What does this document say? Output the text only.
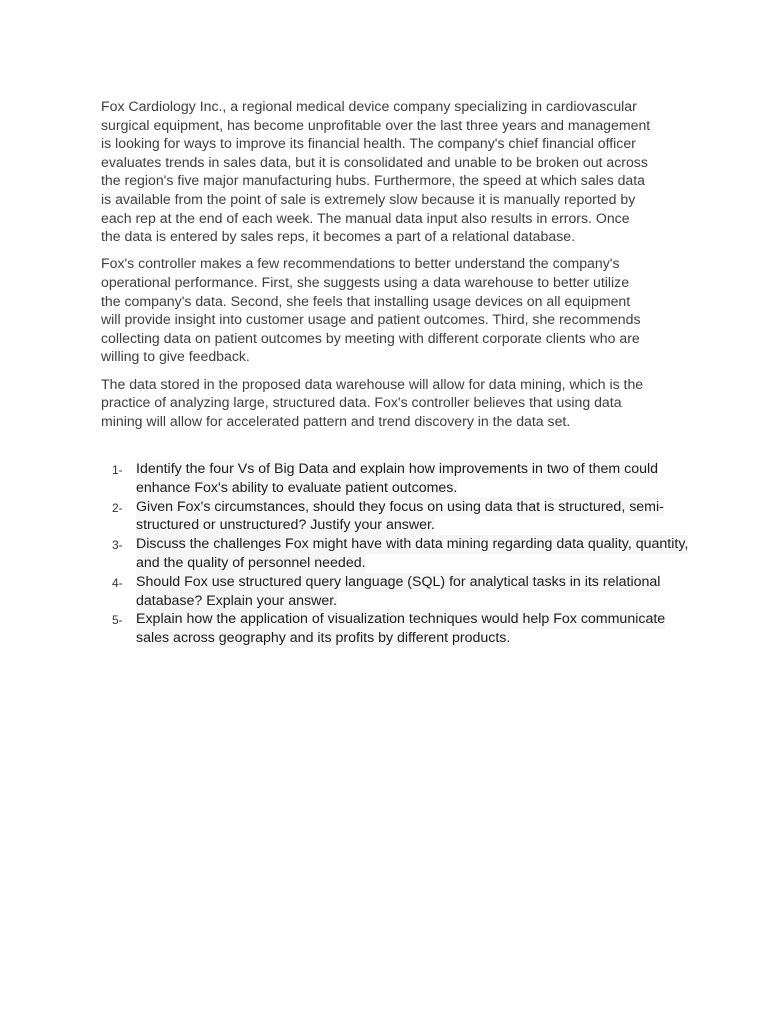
Fox Cardiology Inc., a regional medical device company specializing in cardiovascular
surgical equipment, has become unprofitable over the last three years and management
is looking for ways to improve its financial health. The company's chief financial officer
evaluates trends in sales data, but it is consolidated and unable to be broken out across
the region's five major manufacturing hubs. Furthermore, the speed at which sales data
is available from the point of sale is extremely slow because it is manually reported by
each rep at the end of each week. The manual data input also results in errors. Once
the data is entered by sales reps, it becomes a part of a relational database.

Fox's controller makes a few recommendations to better understand the company's
operational performance. First, she suggests using a data warehouse to better utilize
the company's data. Second, she feels that installing usage devices on all equipment
will provide insight into customer usage and patient outcomes. Third, she recommends
collecting data on patient outcomes by meeting with different corporate clients who are
willing to give feedback.

The data stored in the proposed data warehouse will allow for data mining, which is the
practice of analyzing large, structured data. Fox's controller believes that using data
mining will allow for accelerated pattern and trend discovery in the data set.

1- Identify the four Vs of Big Data and explain how improvements in two of them could
enhance Fox's ability to evaluate patient outcomes.
2- Given Fox's circumstances, should they focus on using data that is structured, semi-
structured or unstructured? Justify your answer.
3- Discuss the challenges Fox might have with data mining regarding data quality, quantity,
and the quality of personnel needed.
4- Should Fox use structured query language (SQL) for analytical tasks in its relational
database? Explain your answer.
5- Explain how the application of visualization techniques would help Fox communicate
sales across geography and its profits by different products.
